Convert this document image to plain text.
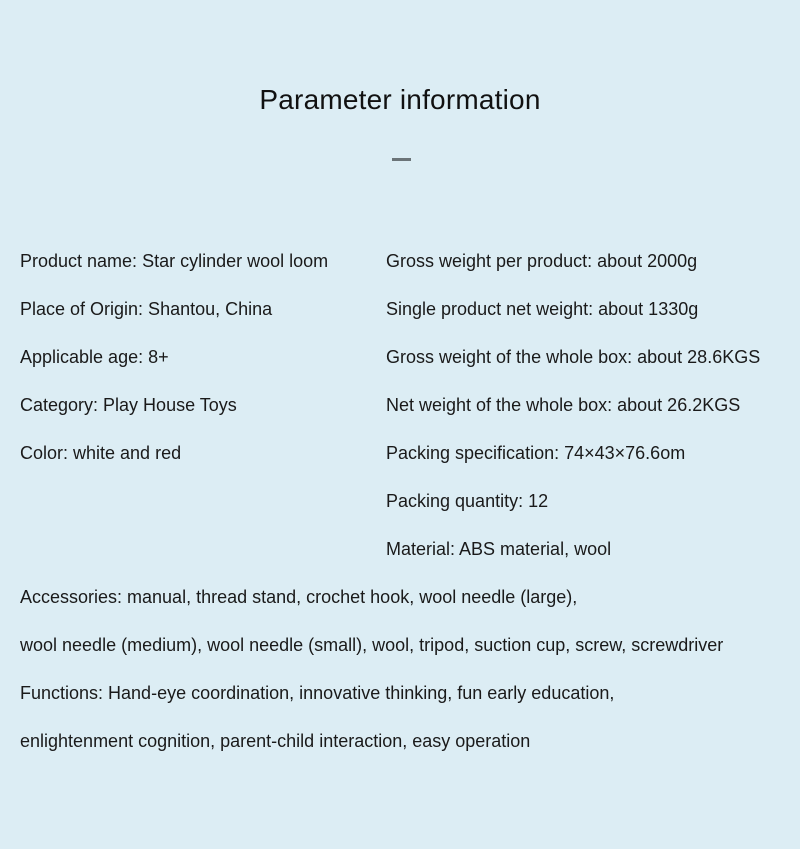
Parameter information
Product name: Star cylinder wool loom
Place of Origin: Shantou, China
Applicable age: 8+
Category: Play House Toys
Color: white and red
Gross weight per product: about 2000g
Single product net weight: about 1330g
Gross weight of the whole box: about 28.6KGS
Net weight of the whole box: about 26.2KGS
Packing specification: 74×43×76.6om
Packing quantity: 12
Material: ABS material, wool
Accessories: manual, thread stand, crochet hook, wool needle (large),
wool needle (medium), wool needle (small), wool, tripod, suction cup, screw, screwdriver
Functions: Hand-eye coordination, innovative thinking, fun early education,
enlightenment cognition, parent-child interaction, easy operation
